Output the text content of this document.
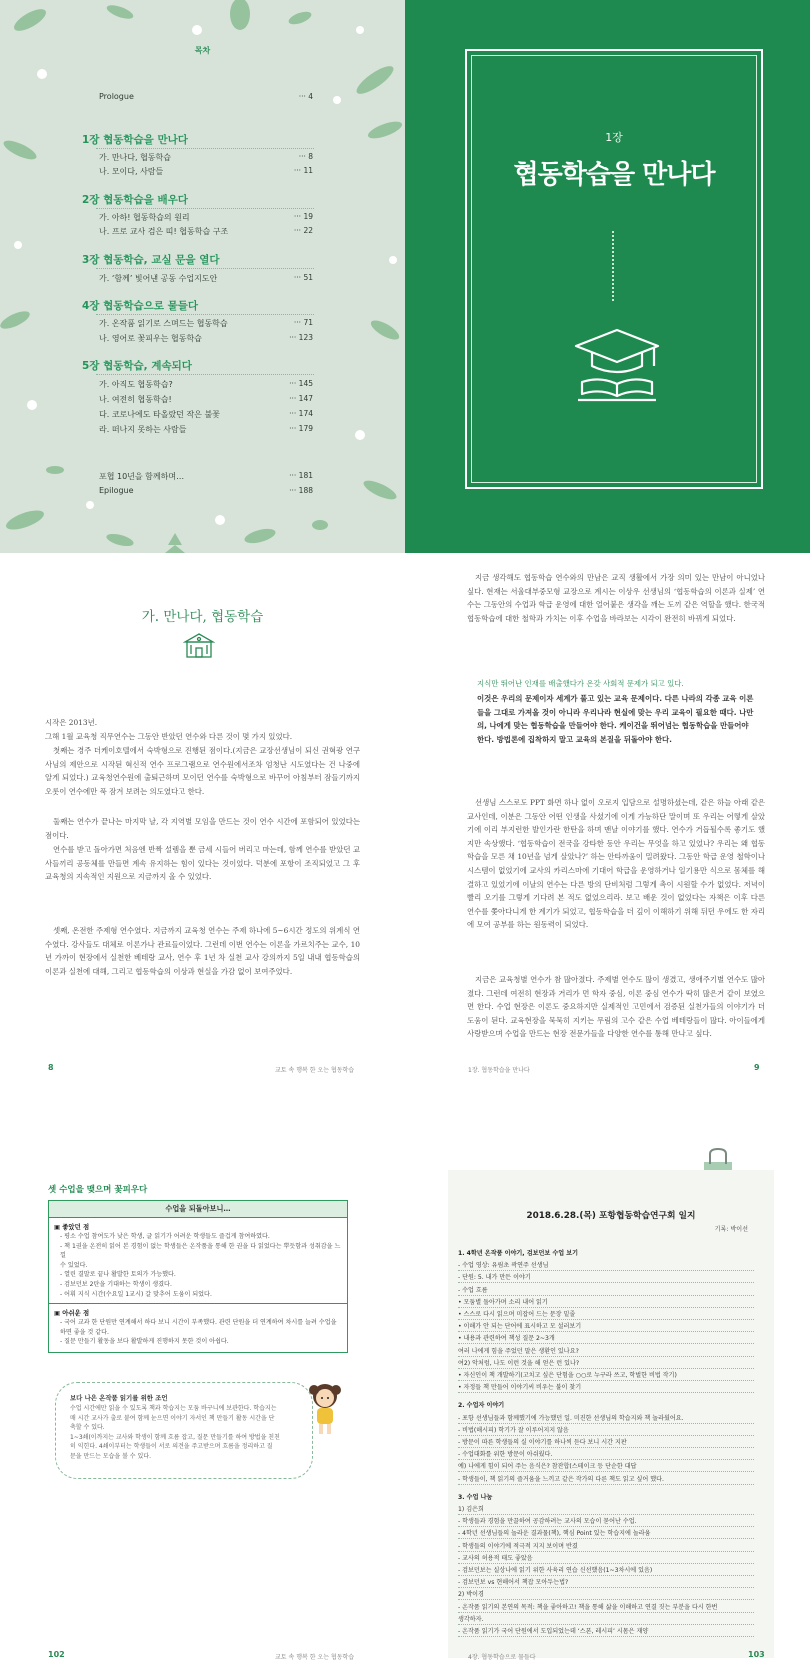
목차
Prologue	··· 4
1장 협동학습을 만나다
가. 만나다, 협동학습	··· 8
나. 모이다, 사람들	··· 11
2장 협동학습을 배우다
가. 아하! 협동학습의 원리	··· 19
나. 프로 교사 검은 띠! 협동학습 구조	··· 22
3장 협동학습, 교실 문을 열다
가. ‘함께’ 빛어낸 공동 수업지도안	··· 51
4장 협동학습으로 물들다
가. 온작품 읽기로 스며드는 협동학습	··· 71
나. 영어로 꽃피우는 협동학습	··· 123
5장 협동학습, 계속되다
가. 아직도 협동학습?	··· 145
나. 여전히 협동학습!	··· 147
다. 코로나에도 타올랐던 작은 불꽃	··· 174
라. 떠나지 못하는 사람들	··· 179
포협 10년을 함께하며…	··· 181
Epilogue	··· 188
1장
협동학습을 만나다
가. 만나다, 협동학습
시작은 2013년.
그해 1월 교육청 직무연수는 그동안 반았던 연수와 다른 것이 몇 가지 있었다.
첫째는 경주 더케이호텔에서 숙박형으로 진행된 점이다.(지금은 교장선생님이 되신 권혁광 연구사님의 제안으로 시작된 혁신적 연수 프로그램으로 연수원에서조차 엄청난 시도였다는 건 나중에 알게 되었다.) 교육청연수원에 출퇴근하며 모이던 연수를 숙박형으로 바꾸어 아침부터 잠들기까지 오롯이 연수에만 푹 잠겨 보려는 의도였다고 한다.
둘째는 연수가 끝나는 마지막 날, 각 지역별 모임을 만드는 것이 연수 시간에 포함되어 있었다는 점이다.
연수를 받고 돌아가면 처음엔 반짝 설렘을 뿐 금세 시들어 버리고 마는데, 함께 연수를 받았던 교사들끼리 공동체를 만들면 계속 유지하는 힘이 있다는 것이었다. 덕분에 포항이 조직되었고 그 후 교육청의 지속적인 지원으로 지금까지 올 수 있었다.
셋째, 온전한 주제형 연수였다. 지금까지 교육청 연수는 주제 하나에 5~6시간 정도의 위계식 연수였다. 강사들도 대체로 이론가나 관료들이었다. 그런데 이번 연수는 이론을 가르치주는 교수, 10년 가까이 현장에서 실천한 베테랑 교사, 연수 후 1년 차 실천 교사 강의까지 5일 내내 협동학습의 이론과 실천에 대해, 그리고 협동학습의 이상과 현실을 가감 없이 보여주었다.
8	교토 속 행복 한 오는 협동학습
지금 생각해도 협동학습 연수와의 만남은 교직 생활에서 가장 의미 있는 만남이 아니었나 싶다. 현재는 서울대부중모형 교장으로 계시는 이상우 선생님의 ‘협동학습의 이론과 실제’ 연수는 그동안의 수업과 학급 운영에 대한 얼어붙은 생각을 깨는 도끼 같은 역할을 했다. 한국적 협동학습에 대한 철학과 가치는 이후 수업을 바라보는 시각이 완전히 바뀌게 되었다.
지식만 뛰어난 인재를 배출했다가 온갖 사회적 문제가 되고 있다.
이것은 우리의 문제이자 세계가 풀고 있는 교육 문제이다. 다른 나라의 각종 교육 이론들을 그대로 가져올 것이 아니라 우리나라 현실에 맞는 우리 교육이 필요한 때다. 나만의, 나에게 맞는 협동학습을 만들어야 한다. 케이건을 뛰어넘는 협동학습을 만들어야 한다. 방법론에 집착하지 말고 교육의 본질을 뒤돌아야 한다.
선생님 스스로도 PPT 화면 하나 없이 오로지 입담으로 설명하셨는데, 같은 하늘 아래 같은 교사인데, 이분은 그동안 어떤 인생을 사셨기에 이게 가능하단 말이며 또 우리는 어떻게 살았기에 이리 부지런한 발인가란 한탄을 하며 맨날 이야기를 했다. 연수가 거듭될수록 좋기도 했지만 속상했다. ‘협동학습이 전국을 강타한 동안 우리는 무엇을 하고 있었나? 우리는 왜 협동학습을 모른 채 10년을 넘게 살았나?’ 하는 안타까움이 밀려왔다. 그동안 학급 운영 철학이나 시스템이 없었기에 교사의 카리스마에 기대어 학급을 운영하거나 일기용만 식으로 몸체를 해결하고 있었기에 이날의 연수는 다른 방의 단비처럼 그렇게 촉이 시원할 수가 없었다. 저녁이 빨리 오기를 그렇게 기다려 본 적도 없었으리라. 보고 배운 것이 없었다는 자책은 이후 다른 연수를 쫓아다니게 한 계기가 되었고, 협동학습을 더 깊이 이해하기 위해 뒤던 우에도 한 자리에 모여 공부를 하는 원동력이 되었다.
지금은 교육청별 연수가 참 많아졌다. 주제별 연수도 많이 생겼고, 생애주기별 연수도 많아졌다. 그런데 여전히 현장과 거리가 먼 학자 중심, 이론 중심 연수가 딱히 많은거 같이 보였으면 한다. 수업 현장은 이론도 중요하지만 실제적인 고민에서 검증된 실천가들의 이야기가 더 도움이 된다. 교육현장을 묵묵히 지키는 무림의 고수 같은 수업 베테랑들이 많다. 아이들에게 사랑받으며 수업을 만드는 현장 전문가들을 다양한 연수를 통해 만나고 싶다.
1장. 협동학습을 만나다	9
셋 수업을 맺으며 꽃피우다
수업을 되돌아보니…
▣ 좋았던 점
- 평소 수업 참여도가 낮은 학생, 글 읽기가 어려운 학생들도 즐겁게 참여하였다.
- 책 1권을 온전히 읽어 본 경험이 없는 학생들은 온작품을 통해 한 권을 다 읽었다는 뿌듯함과 성취감을 느낄
수 있었다.
- 열린 결말로 끝나 활발한 토의가 가능했다.
- 검보던보 2탄을 기대하는 학생이 생겼다.
- 어휘 지식 시간(수요일 1교시) 갈 맞추어 도움이 되었다.
▣ 아쉬운 점
- 국어 교과 한 단원만 연계해서 하다 보니 시간이 부족했다. 관련 단원을 더 연계하여 차시를 늘려 수업을
하면 좋을 것 같다.
- 질문 만들기 활동을 보다 활발하게 진행하지 못한 것이 아쉽다.
보다 나은 온작품 읽기를 위한 조언
수업 시간에만 읽을 수 있도록 책과 학습지는 모둠 바구니에 보관한다. 학습지는
매 시간 교사가 출로 붙여 함께 눈으면 이야기 자서인 책 만들기 활동 시간을 단
축할 수 있다.
1~3쇄(이까지는 교사와 학생이 함께 흐름 잡고, 질문 만들기를 하여 방법을 친친
히 익힌다. 4쇄이부터는 학생들이 서로 의견을 주고받으며 흐름을 정리하고 질
문을 만드는 모습을 볼 수 있다.
2018.6.28.(목) 포항협동학습연구회 일지
기록: 박이선
1. 4학년 온작품 이야기, 검보던보 수업 보기
- 수업 영상: 유림초 곽연주 선생님
- 단원: 5. 내가 만든 이야기
- 수업 흐름
• 모둠별 돌아가며 소리 내어 읽기
• 스스로 다시 읽으며 미잡어 드는 문장 밑줄
• 이해가 안 되는 단어에 표시하고 모 설러보기
• 내용과 관련하여 책성 질문 2~3개
여러 나에게 힘을 주었던 말은 생환인 있나요?
여2) 악처럼, 나도 이런 것을 해 얻은 런 있나?
• 자신인이 책 개발하기(고치고 싶은 단험을 ○○로 누구라 쓰고, 학벌한 비법 작기)
• 자정들 책 만들어 이야기씨 비우는 불이 찾기
2. 수업자 이야기
- 포항 선생님들과 함께했기에 가능했던 일. 미진한 선생님의 학습지와 책 놀라웠어요.
- 비법(해시피) 학기가 잘 이루어지지 않음
- 방문이 따른 학생들의 실 이야기를 하나씩 듣다 보니 시간 지판
- 수업대화를 위한 방문이 아쉬웠다.
예) 나에게 힘이 되어 주는 음식은? 참잔합(스테이크 등 단순한 대답
- 학생들이, 책 읽기의 즐거움을 느끼고 같은 작가의 다른 책도 읽고 싶어 했다.
3. 수업 나눔
1) 김은희
- 학생들과 경험을 만끌하여 공감하려는 교사의 모습이 묻어난 수업.
- 4학년 선생님들의 놀라운 결과물(책), 핵심 Point 있는 학습지에 놀라움
- 학생들의 이야기에 적극적 지지 보이며 반겼
- 교사의 허용적 태도 좋았음
- 검보던보는 실상나에 읽기 위한 사육리 연습 신선했음(1~3차시에 있음)
- 검보던보 vs 현해어서 책잡 모아두는법?
2) 박이경
- 온작품 읽기의 본연의 목적: 책을 좋아하고! 책을 통해 삶을 이해하고 연결 짓는 부분을 다시 한번
생각하자.
- 온작품 읽기가 국어 단원에서 도입되었는데 ‘스폰, 레시피’ 시몸은 재양
102	교토 속 행복 한 오는 협동학습	4장. 협동학습으로 물들다	103
